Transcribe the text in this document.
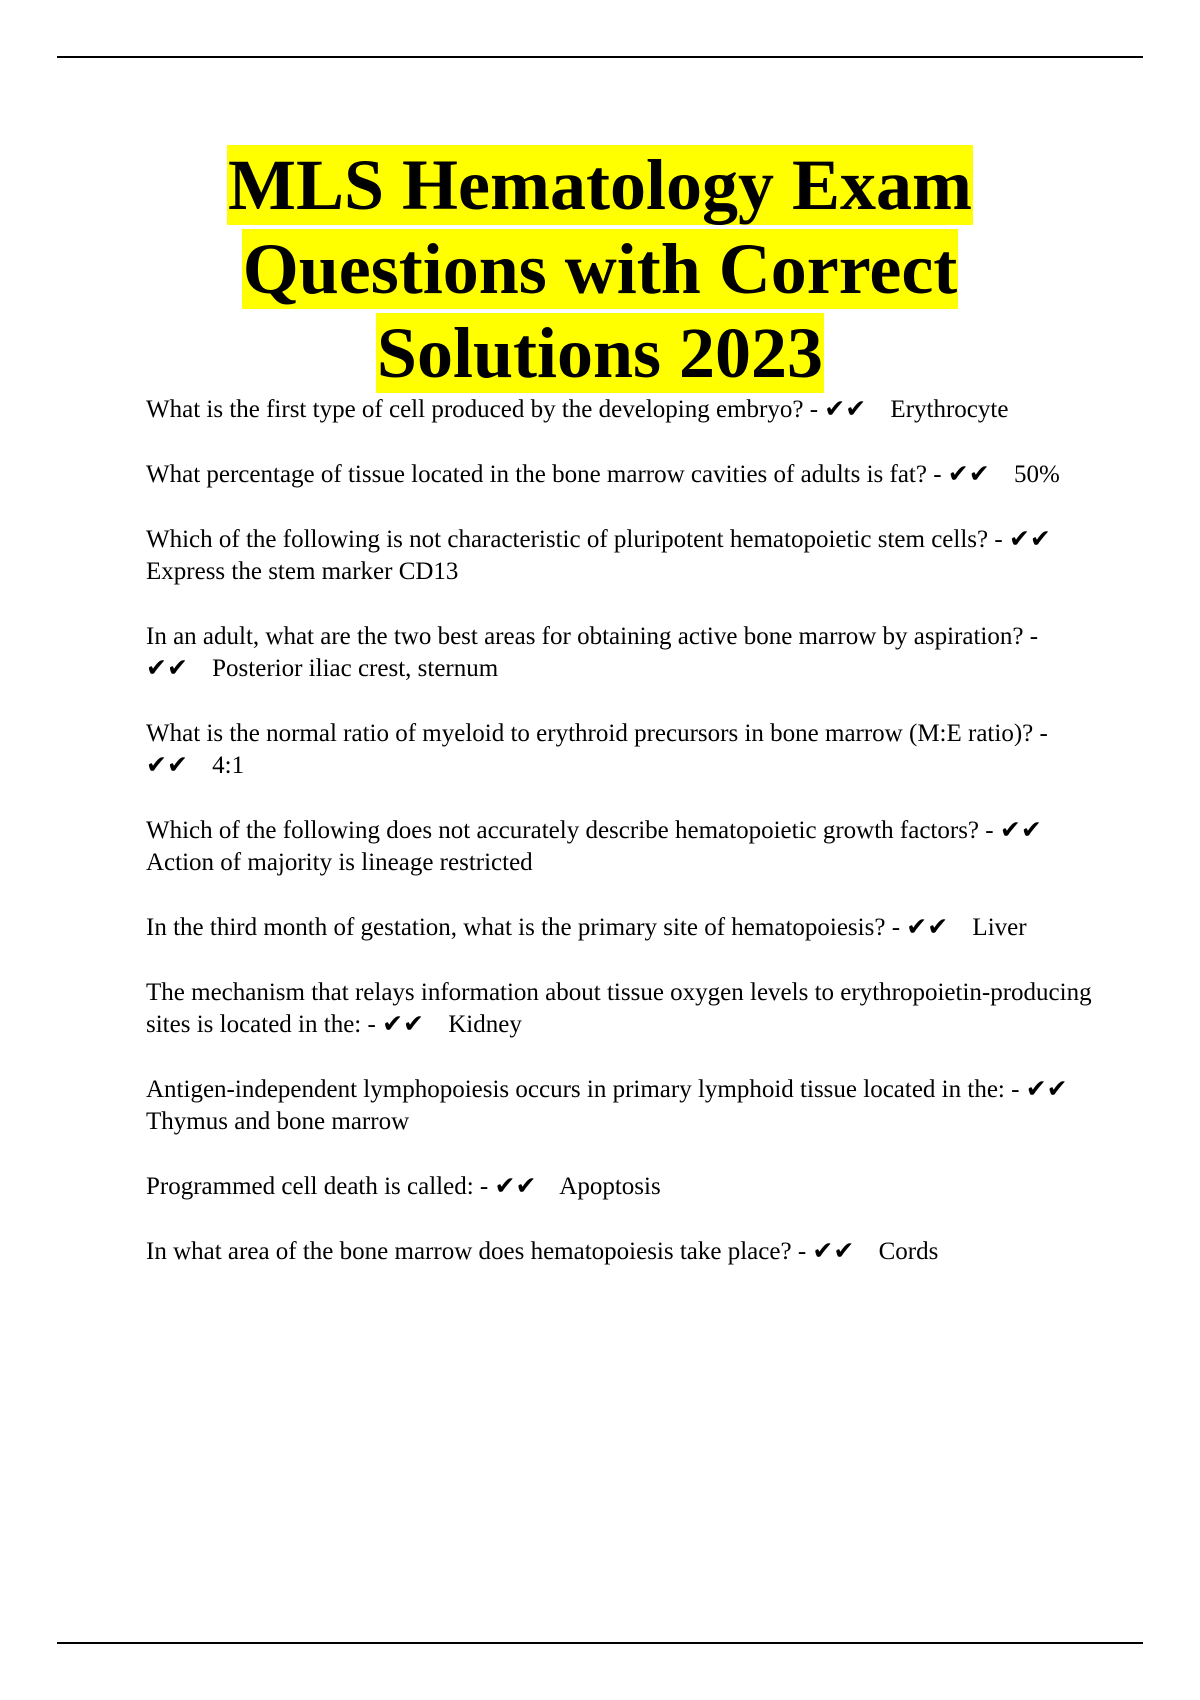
MLS Hematology Exam
Questions with Correct
Solutions 2023

What is the first type of cell produced by the developing embryo? - ✔✔ Erythrocyte

What percentage of tissue located in the bone marrow cavities of adults is fat? - ✔✔ 50%

Which of the following is not characteristic of pluripotent hematopoietic stem cells? - ✔✔ Express the stem marker CD13

In an adult, what are the two best areas for obtaining active bone marrow by aspiration? - ✔✔ Posterior iliac crest, sternum

What is the normal ratio of myeloid to erythroid precursors in bone marrow (M:E ratio)? - ✔✔ 4:1

Which of the following does not accurately describe hematopoietic growth factors? - ✔✔ Action of majority is lineage restricted

In the third month of gestation, what is the primary site of hematopoiesis? - ✔✔ Liver

The mechanism that relays information about tissue oxygen levels to erythropoietin-producing sites is located in the: - ✔✔ Kidney

Antigen-independent lymphopoiesis occurs in primary lymphoid tissue located in the: - ✔✔ Thymus and bone marrow

Programmed cell death is called: - ✔✔ Apoptosis

In what area of the bone marrow does hematopoiesis take place? - ✔✔ Cords
